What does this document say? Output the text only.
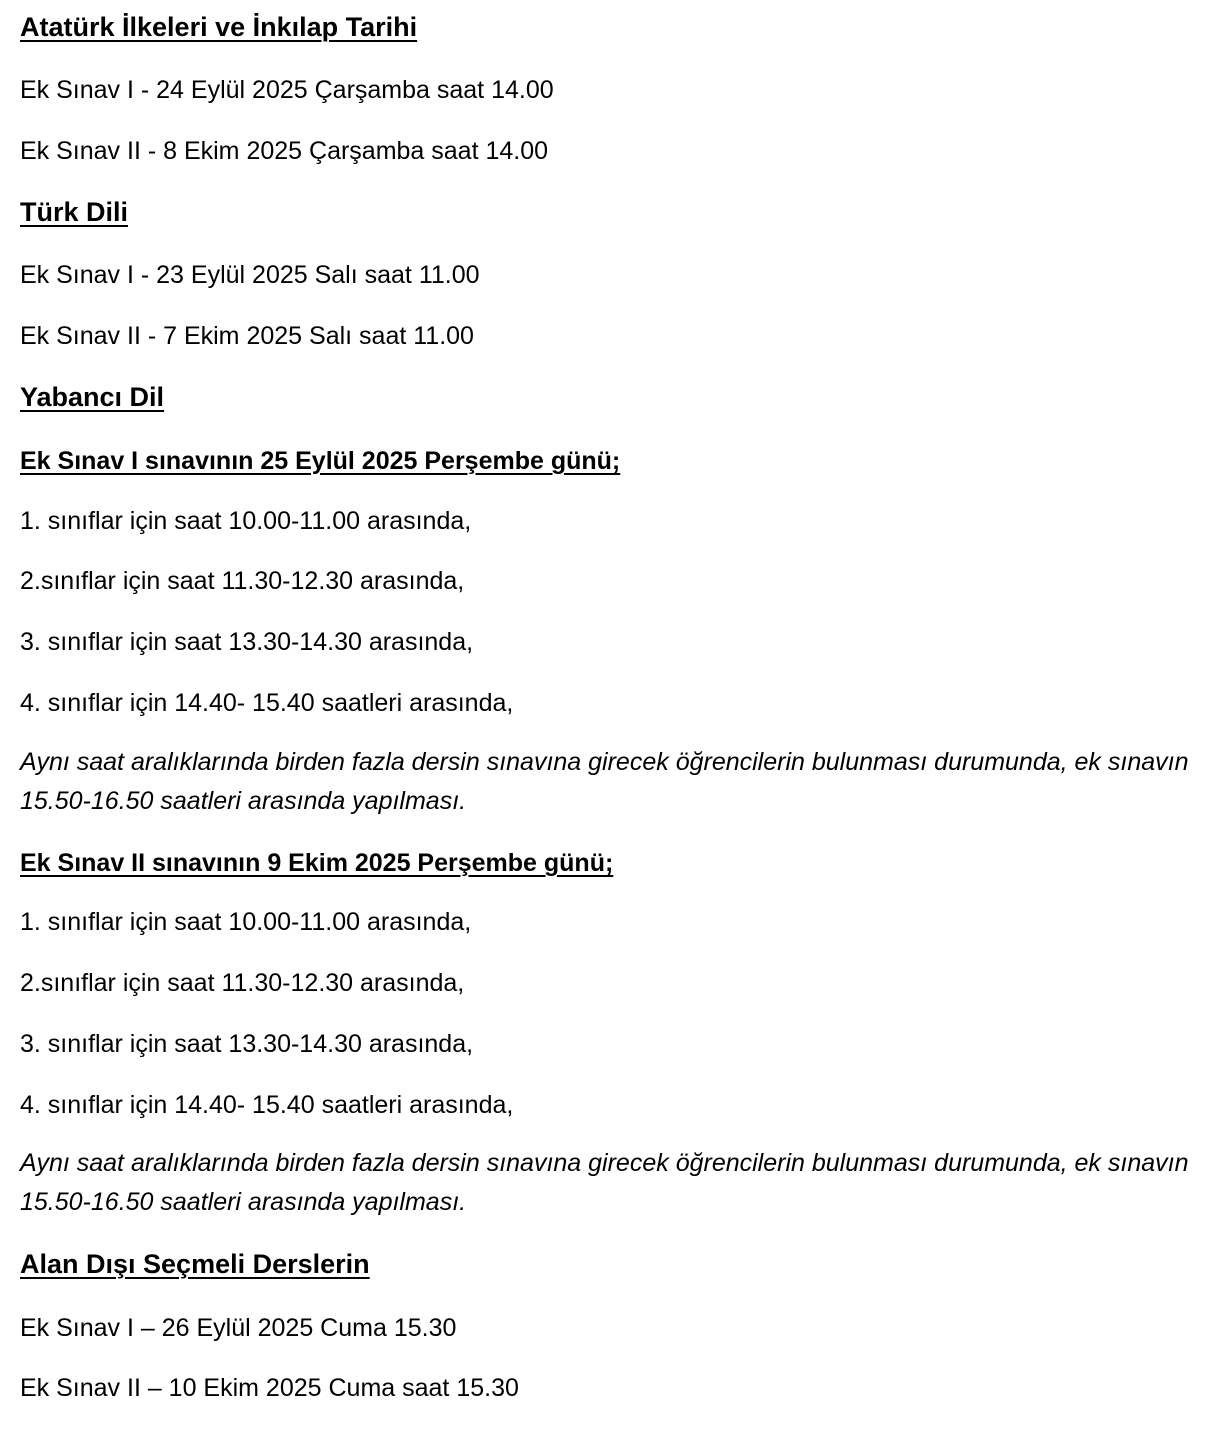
Atatürk İlkeleri ve İnkılap Tarihi
Ek Sınav I - 24 Eylül 2025 Çarşamba saat 14.00
Ek Sınav II - 8 Ekim 2025 Çarşamba saat 14.00
Türk Dili
Ek Sınav I - 23 Eylül 2025 Salı saat 11.00
Ek Sınav II - 7 Ekim 2025 Salı saat 11.00
Yabancı Dil
Ek Sınav I sınavının 25 Eylül 2025 Perşembe günü;
1. sınıflar için saat 10.00-11.00 arasında,
2.sınıflar için saat 11.30-12.30 arasında,
3. sınıflar için saat 13.30-14.30 arasında,
4. sınıflar için 14.40- 15.40 saatleri arasında,
Aynı saat aralıklarında birden fazla dersin sınavına girecek öğrencilerin bulunması durumunda, ek sınavın 15.50-16.50 saatleri arasında yapılması.
Ek Sınav II sınavının 9 Ekim 2025 Perşembe günü;
1. sınıflar için saat 10.00-11.00 arasında,
2.sınıflar için saat 11.30-12.30 arasında,
3. sınıflar için saat 13.30-14.30 arasında,
4. sınıflar için 14.40- 15.40 saatleri arasında,
Aynı saat aralıklarında birden fazla dersin sınavına girecek öğrencilerin bulunması durumunda, ek sınavın 15.50-16.50 saatleri arasında yapılması.
Alan Dışı Seçmeli Derslerin
Ek Sınav I – 26 Eylül 2025 Cuma 15.30
Ek Sınav II – 10 Ekim 2025 Cuma saat 15.30
